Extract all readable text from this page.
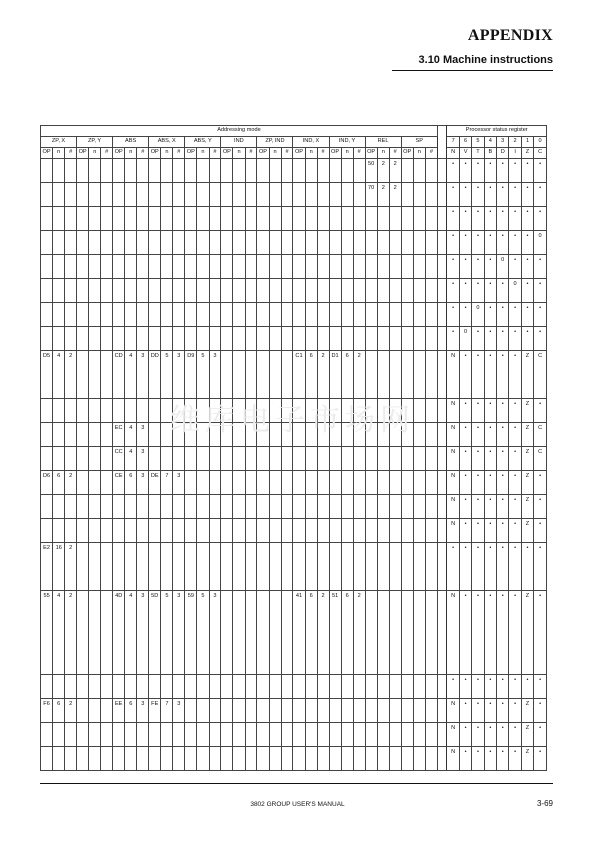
APPENDIX
3.10 Machine instructions
Addressing mode																																		Processor status register							
ZP, X			ZP, Y			ABS			ABS, X			ABS, Y			IND			ZP, IND			IND, X			IND, Y			REL			SP				7	6	5	4	3	2	1	0
OP	n	#	OP	n	#	OP	n	#	OP	n	#	OP	n	#	OP	n	#	OP	n	#	OP	n	#	OP	n	#	OP	n	#	OP	n	#		N	V	T	B	D	I	Z	C
																											50	2	2					•	•	•	•	•	•	•	•
																											70	2	2					•	•	•	•	•	•	•	•
																																		•	•	•	•	•	•	•	•
																																		•	•	•	•	•	•	•	0
																																		•	•	•	•	0	•	•	•
																																		•	•	•	•	•	0	•	•
																																		•	•	0	•	•	•	•	•
																																		•	0	•	•	•	•	•	•
D5	4	2				CD	4	3	DD	5	3	D9	5	3							C1	6	2	D1	6	2								N	•	•	•	•	•	Z	C
																																		N	•	•	•	•	•	Z	•
						EC	4	3																										N	•	•	•	•	•	Z	C
						CC	4	3																										N	•	•	•	•	•	Z	C
D6	6	2				CE	6	3	DE	7	3																							N	•	•	•	•	•	Z	•
																																		N	•	•	•	•	•	Z	•
																																		N	•	•	•	•	•	Z	•
E2	16	2																																•	•	•	•	•	•	•	•
55	4	2				4D	4	3	5D	5	3	59	5	3							41	6	2	51	6	2								N	•	•	•	•	•	Z	•
																																		•	•	•	•	•	•	•	•
F6	6	2				EE	6	3	FE	7	3																							N	•	•	•	•	•	Z	•
																																		N	•	•	•	•	•	Z	•
																																		N	•	•	•	•	•	Z	•
维库电子市场网
3802 GROUP USER'S MANUAL	3-69
